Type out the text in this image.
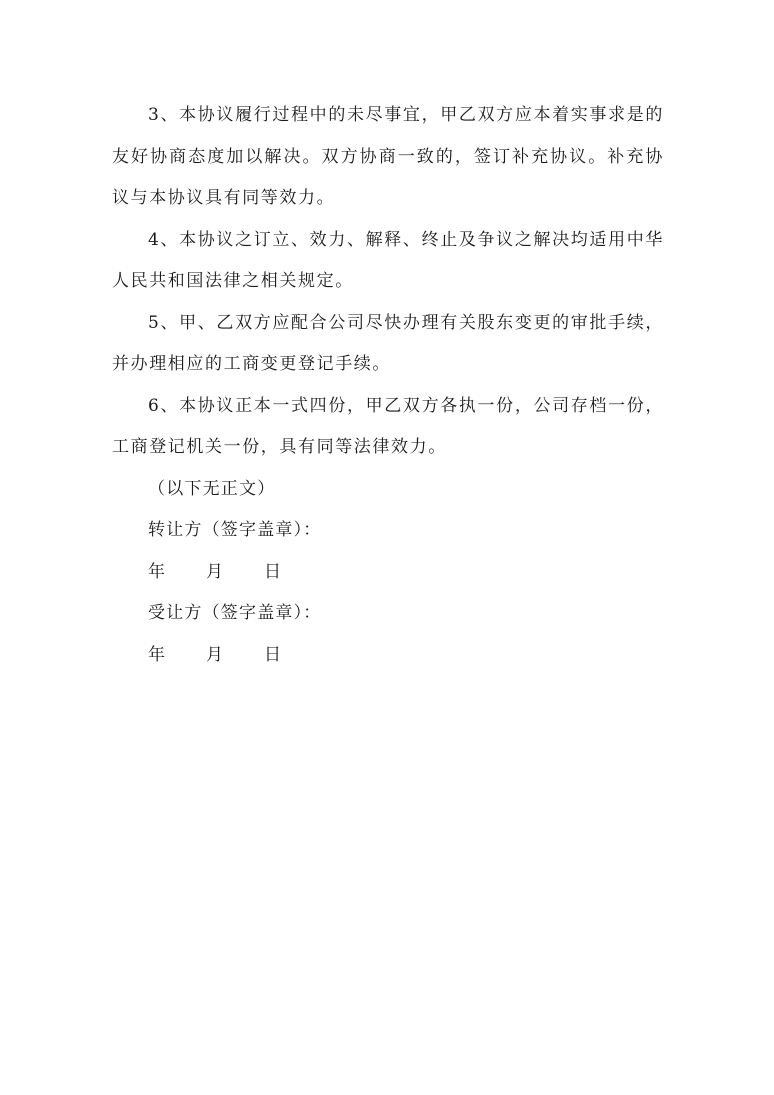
3、本协议履行过程中的未尽事宜，甲乙双方应本着实事求是的友好协商态度加以解决。双方协商一致的，签订补充协议。补充协议与本协议具有同等效力。

4、本协议之订立、效力、解释、终止及争议之解决均适用中华人民共和国法律之相关规定。

5、甲、乙双方应配合公司尽快办理有关股东变更的审批手续，并办理相应的工商变更登记手续。

6、本协议正本一式四份，甲乙双方各执一份，公司存档一份，工商登记机关一份，具有同等法律效力。

（以下无正文）

转让方（签字盖章）：

年	月	日

受让方（签字盖章）：

年	月	日
